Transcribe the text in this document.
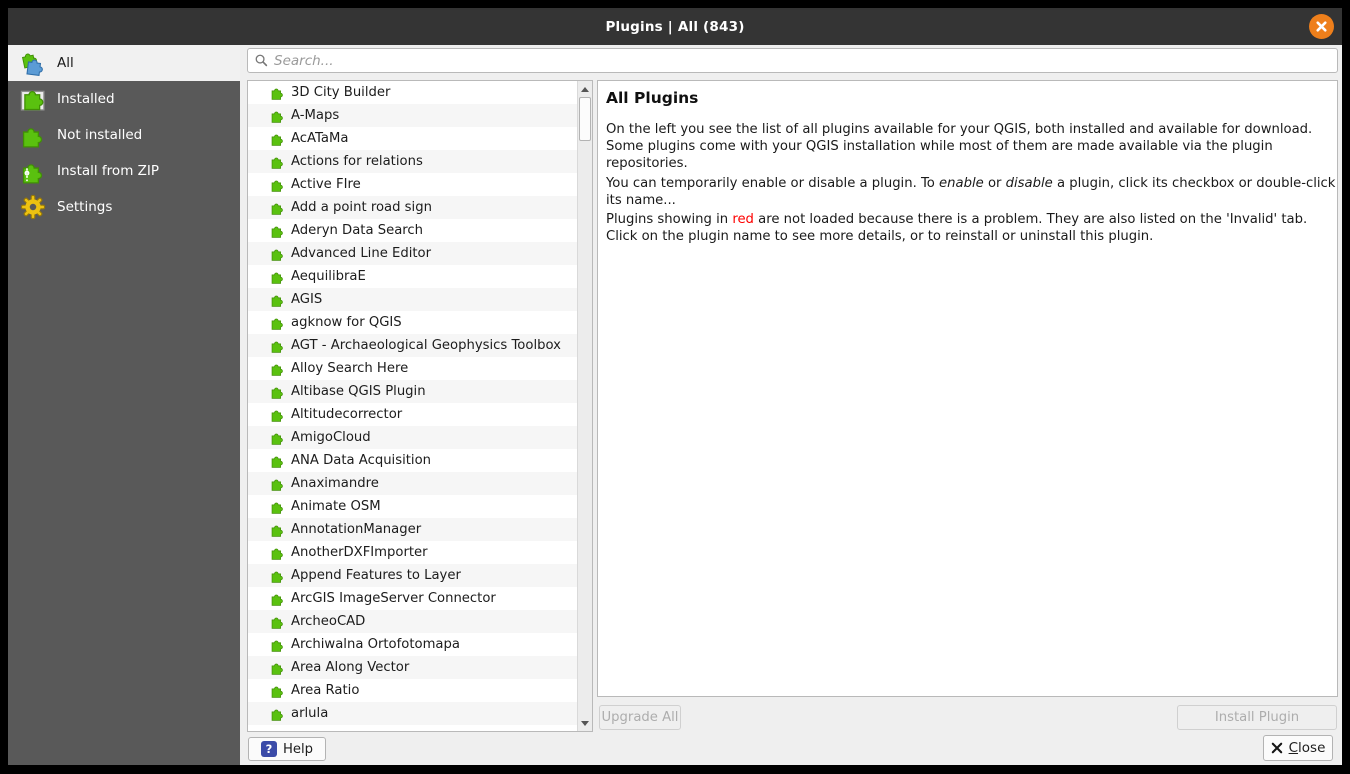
Plugins | All (843)
All
Installed
Not installed
Install from ZIP
Settings
Search...
3D City Builder
A-Maps
AcATaMa
Actions for relations
Active FIre
Add a point road sign
Aderyn Data Search
Advanced Line Editor
AequilibraE
AGIS
agknow for QGIS
AGT - Archaeological Geophysics Toolbox
Alloy Search Here
Altibase QGIS Plugin
Altitudecorrector
AmigoCloud
ANA Data Acquisition
Anaximandre
Animate OSM
AnnotationManager
AnotherDXFImporter
Append Features to Layer
ArcGIS ImageServer Connector
ArcheoCAD
Archiwalna Ortofotomapa
Area Along Vector
Area Ratio
arlula
All Plugins
On the left you see the list of all plugins available for your QGIS, both installed and available for download.
Some plugins come with your QGIS installation while most of them are made available via the plugin
repositories.
You can temporarily enable or disable a plugin. To enable or disable a plugin, click its checkbox or double-click
its name...
Plugins showing in red are not loaded because there is a problem. They are also listed on the 'Invalid' tab.
Click on the plugin name to see more details, or to reinstall or uninstall this plugin.
Upgrade All	Install Plugin
? Help	Close
